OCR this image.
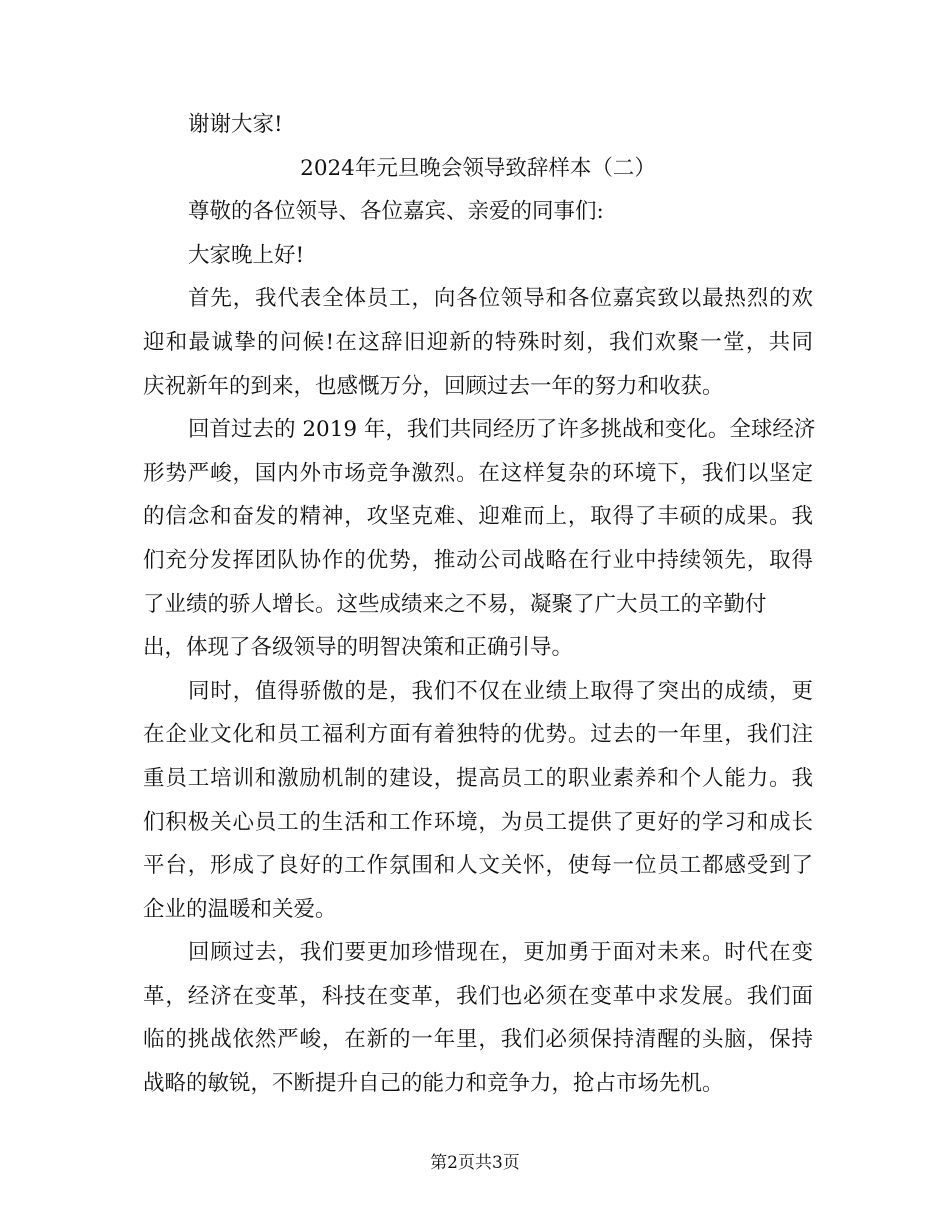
谢谢大家!
2024年元旦晚会领导致辞样本（二）
尊敬的各位领导、各位嘉宾、亲爱的同事们:
大家晚上好!
首先，我代表全体员工，向各位领导和各位嘉宾致以最热烈的欢
迎和最诚挚的问候!在这辞旧迎新的特殊时刻，我们欢聚一堂，共同
庆祝新年的到来，也感慨万分，回顾过去一年的努力和收获。
回首过去的 2019 年，我们共同经历了许多挑战和变化。全球经济
形势严峻，国内外市场竞争激烈。在这样复杂的环境下，我们以坚定
的信念和奋发的精神，攻坚克难、迎难而上，取得了丰硕的成果。我
们充分发挥团队协作的优势，推动公司战略在行业中持续领先，取得
了业绩的骄人增长。这些成绩来之不易，凝聚了广大员工的辛勤付
出，体现了各级领导的明智决策和正确引导。
同时，值得骄傲的是，我们不仅在业绩上取得了突出的成绩，更
在企业文化和员工福利方面有着独特的优势。过去的一年里，我们注
重员工培训和激励机制的建设，提高员工的职业素养和个人能力。我
们积极关心员工的生活和工作环境，为员工提供了更好的学习和成长
平台，形成了良好的工作氛围和人文关怀，使每一位员工都感受到了
企业的温暖和关爱。
回顾过去，我们要更加珍惜现在，更加勇于面对未来。时代在变
革，经济在变革，科技在变革，我们也必须在变革中求发展。我们面
临的挑战依然严峻，在新的一年里，我们必须保持清醒的头脑，保持
战略的敏锐，不断提升自己的能力和竞争力，抢占市场先机。
第2页共3页
